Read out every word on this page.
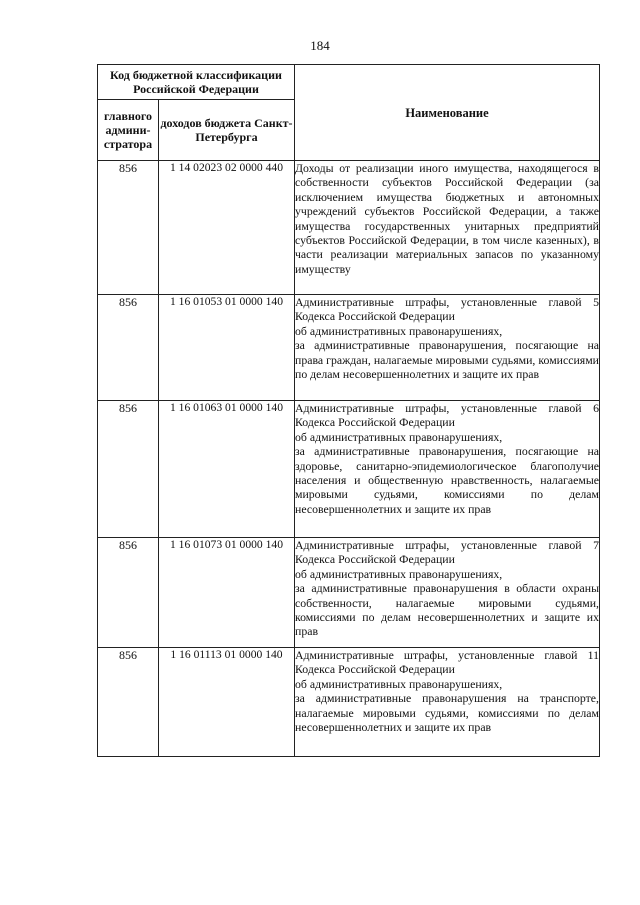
184
Код бюджетной классификации Российской Федерации		Наименование
главного админи-стратора	доходов бюджета Санкт-Петербурга	
856	1 14 02023 02 0000 440	Доходы от реализации иного имущества, находящегося в собственности субъектов Российской Федерации (за исключением имущества бюджетных и автономных учреждений субъектов Российской Федерации, а также имущества государственных унитарных предприятий субъектов Российской Федерации, в том числе казенных), в части реализации материальных запасов по указанному имуществу

856	1 16 01053 01 0000 140	Административные штрафы, установленные главой 5 Кодекса Российской Федерации
об административных правонарушениях,
за административные правонарушения, посягающие на права граждан, налагаемые мировыми судьями, комиссиями по делам несовершеннолетних и защите их прав

856	1 16 01063 01 0000 140	Административные штрафы, установленные главой 6 Кодекса Российской Федерации
об административных правонарушениях,
за административные правонарушения, посягающие на здоровье, санитарно-эпидемиологическое благополучие населения и общественную нравственность, налагаемые мировыми судьями, комиссиями по делам несовершеннолетних и защите их прав

856	1 16 01073 01 0000 140	Административные штрафы, установленные главой 7 Кодекса Российской Федерации
об административных правонарушениях,
за административные правонарушения в области охраны собственности, налагаемые мировыми судьями, комиссиями по делам несовершеннолетних и защите их прав

856	1 16 01113 01 0000 140	Административные штрафы, установленные главой 11 Кодекса Российской Федерации
об административных правонарушениях,
за административные правонарушения на транспорте, налагаемые мировыми судьями, комиссиями по делам несовершеннолетних и защите их прав
